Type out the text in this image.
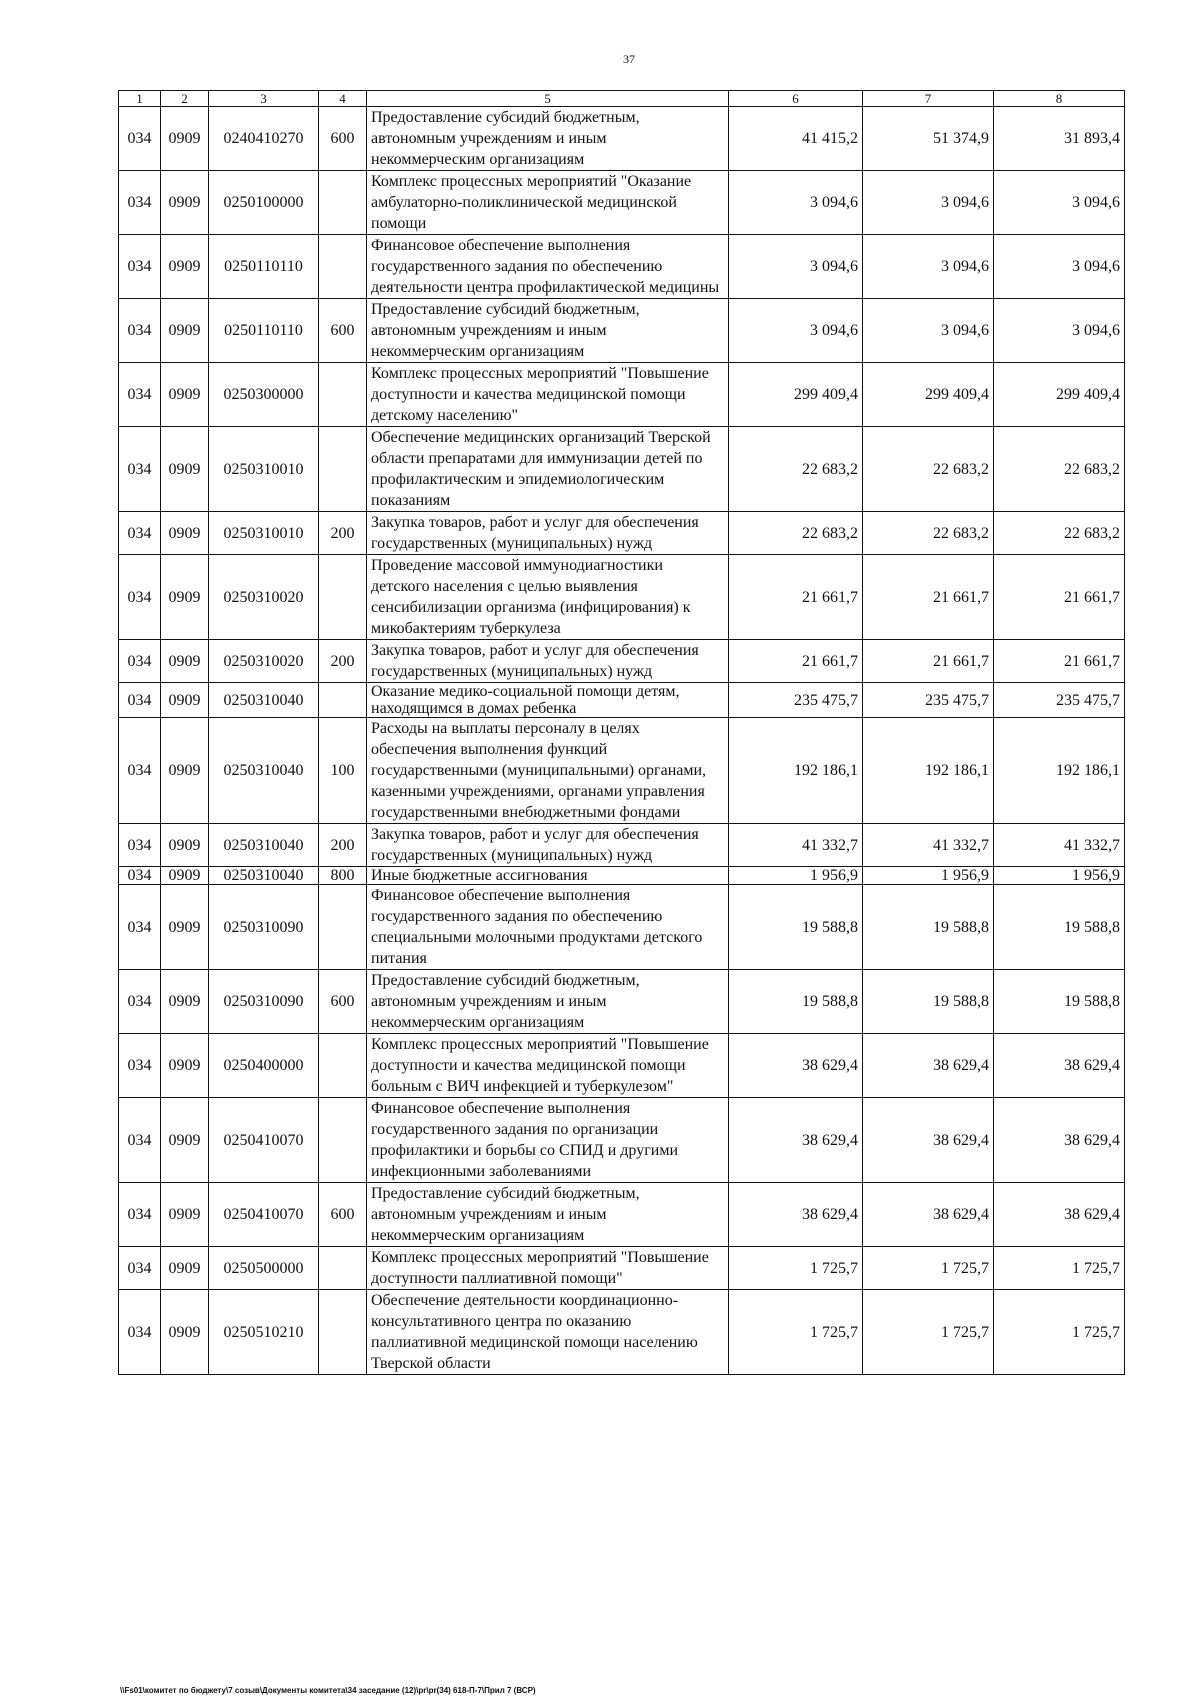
37
1	2	3	4	5	6	7	8
034	0909	0240410270	600	Предоставление субсидий бюджетным, автономным учреждениям и иным некоммерческим организациям	41 415,2	51 374,9	31 893,4
034	0909	0250100000		Комплекс процессных мероприятий "Оказание амбулаторно-поликлинической медицинской помощи	3 094,6	3 094,6	3 094,6
034	0909	0250110110		Финансовое обеспечение выполнения государственного задания по обеспечению деятельности центра профилактической медицины	3 094,6	3 094,6	3 094,6
034	0909	0250110110	600	Предоставление субсидий бюджетным, автономным учреждениям и иным некоммерческим организациям	3 094,6	3 094,6	3 094,6
034	0909	0250300000		Комплекс процессных мероприятий "Повышение доступности и качества медицинской помощи детскому населению"	299 409,4	299 409,4	299 409,4
034	0909	0250310010		Обеспечение медицинских организаций Тверской области препаратами для иммунизации детей по профилактическим и эпидемиологическим показаниям	22 683,2	22 683,2	22 683,2
034	0909	0250310010	200	Закупка товаров, работ и услуг для обеспечения государственных (муниципальных) нужд	22 683,2	22 683,2	22 683,2
034	0909	0250310020		Проведение массовой иммунодиагностики детского населения с целью выявления сенсибилизации организма (инфицирования) к микобактериям туберкулеза	21 661,7	21 661,7	21 661,7
034	0909	0250310020	200	Закупка товаров, работ и услуг для обеспечения государственных (муниципальных) нужд	21 661,7	21 661,7	21 661,7
034	0909	0250310040		Оказание медико-социальной помощи детям, находящимся в домах ребенка	235 475,7	235 475,7	235 475,7
034	0909	0250310040	100	Расходы на выплаты персоналу в целях обеспечения выполнения функций государственными (муниципальными) органами, казенными учреждениями, органами управления государственными внебюджетными фондами	192 186,1	192 186,1	192 186,1
034	0909	0250310040	200	Закупка товаров, работ и услуг для обеспечения государственных (муниципальных) нужд	41 332,7	41 332,7	41 332,7
034	0909	0250310040	800	Иные бюджетные ассигнования	1 956,9	1 956,9	1 956,9
034	0909	0250310090		Финансовое обеспечение выполнения государственного задания по обеспечению специальными молочными продуктами детского питания	19 588,8	19 588,8	19 588,8
034	0909	0250310090	600	Предоставление субсидий бюджетным, автономным учреждениям и иным некоммерческим организациям	19 588,8	19 588,8	19 588,8
034	0909	0250400000		Комплекс процессных мероприятий "Повышение доступности и качества медицинской помощи больным с ВИЧ инфекцией и туберкулезом"	38 629,4	38 629,4	38 629,4
034	0909	0250410070		Финансовое обеспечение выполнения государственного задания по организации профилактики и борьбы со СПИД и другими инфекционными заболеваниями	38 629,4	38 629,4	38 629,4
034	0909	0250410070	600	Предоставление субсидий бюджетным, автономным учреждениям и иным некоммерческим организациям	38 629,4	38 629,4	38 629,4
034	0909	0250500000		Комплекс процессных мероприятий "Повышение доступности паллиативной помощи"	1 725,7	1 725,7	1 725,7
034	0909	0250510210		Обеспечение деятельности координационно-консультативного центра по оказанию паллиативной медицинской помощи населению Тверской области	1 725,7	1 725,7	1 725,7
\\Fs01\комитет по бюджету\7 созыв\Документы комитета\34 заседание (12)\pr\pr(34) 618-П-7\Прил 7 (ВСР)
